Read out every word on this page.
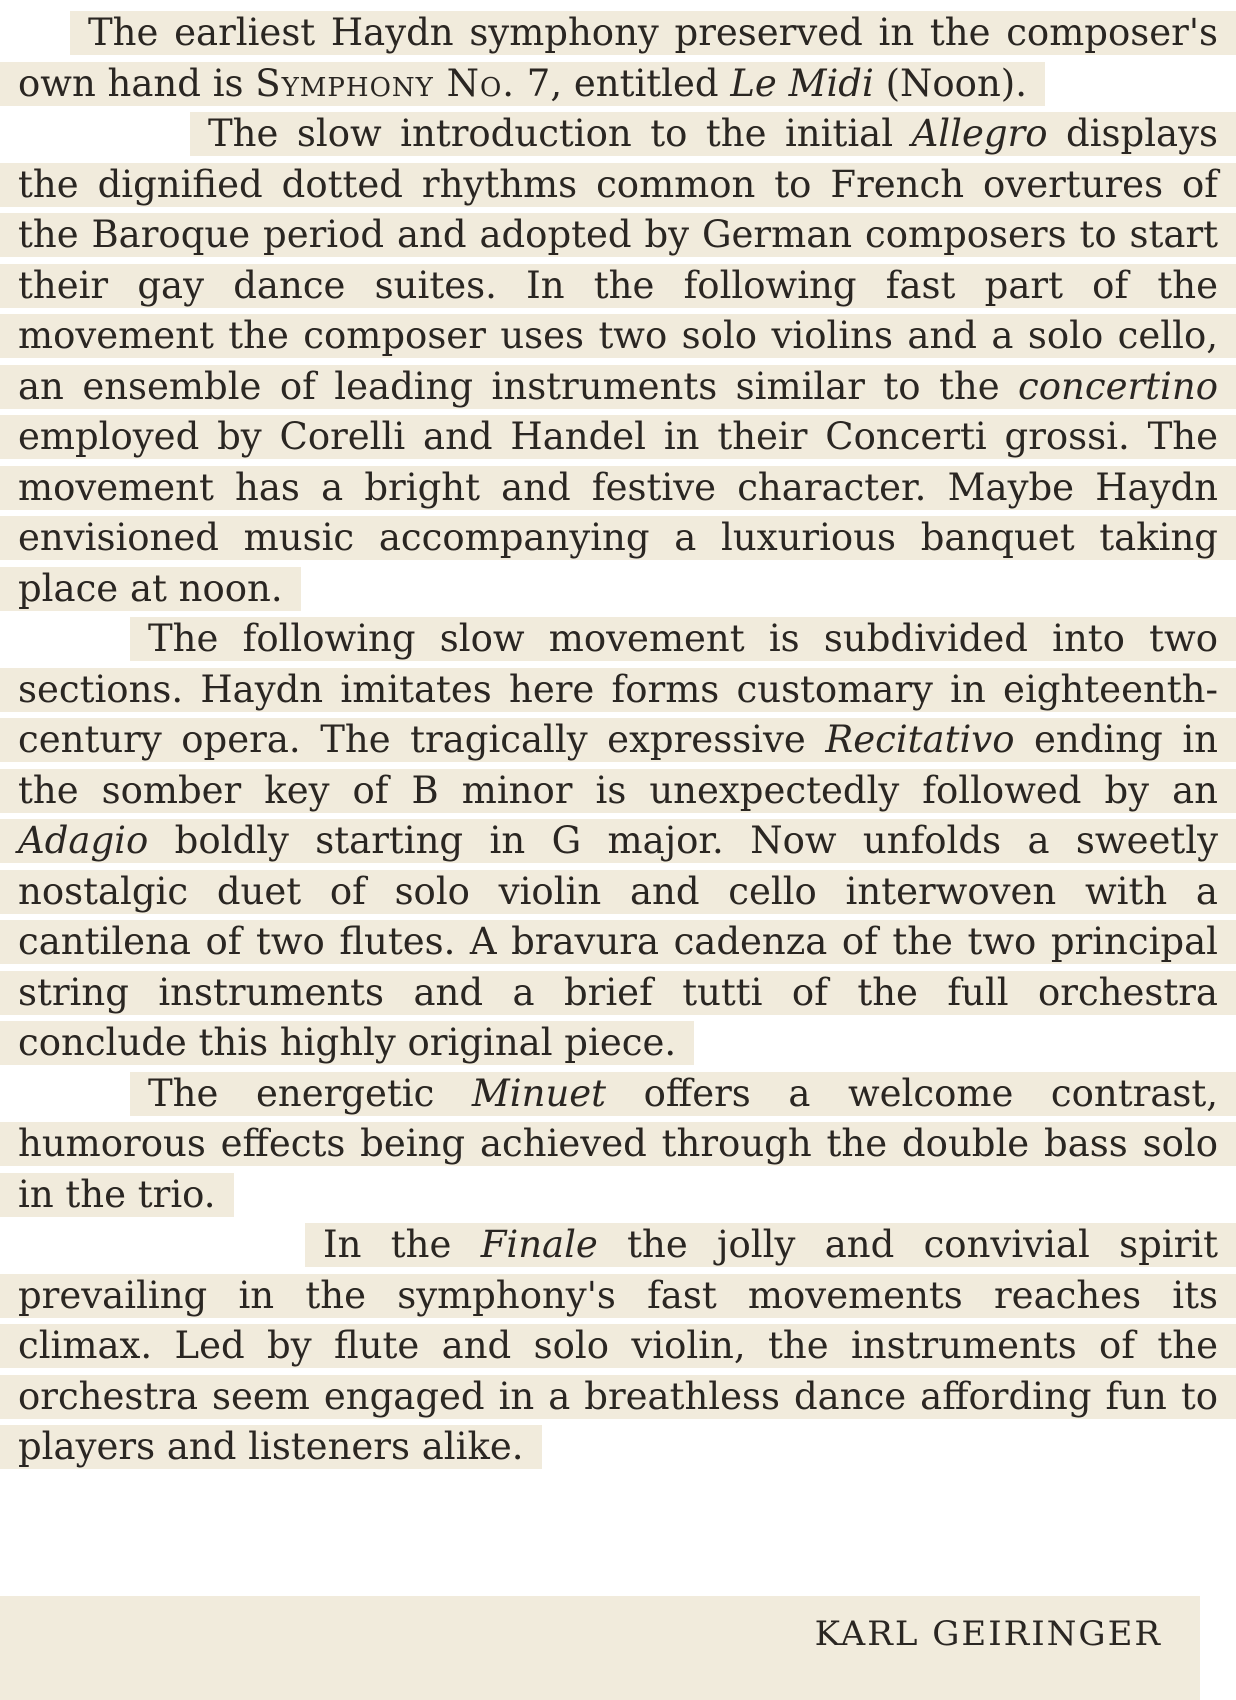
The earliest Haydn symphony preserved in the composer's own hand is Symphony No. 7, entitled Le Midi (Noon).

The slow introduction to the initial Allegro displays the dignified dotted rhythms common to French overtures of the Baroque period and adopted by German composers to start their gay dance suites. In the following fast part of the movement the composer uses two solo violins and a solo cello, an ensemble of leading instruments similar to the concertino employed by Corelli and Handel in their Concerti grossi. The movement has a bright and festive character. Maybe Haydn envisioned music accompanying a luxurious banquet taking place at noon.

The following slow movement is subdivided into two sections. Haydn imitates here forms customary in eighteenth-century opera. The tragically expressive Recitativo ending in the somber key of B minor is unexpectedly followed by an Adagio boldly starting in G major. Now unfolds a sweetly nostalgic duet of solo violin and cello interwoven with a cantilena of two flutes. A bravura cadenza of the two principal string instruments and a brief tutti of the full orchestra conclude this highly original piece.

The energetic Minuet offers a welcome contrast, humorous effects being achieved through the double bass solo in the trio.

In the Finale the jolly and convivial spirit prevailing in the symphony's fast movements reaches its climax. Led by flute and solo violin, the instruments of the orchestra seem engaged in a breathless dance affording fun to players and listeners alike.

KARL GEIRINGER
